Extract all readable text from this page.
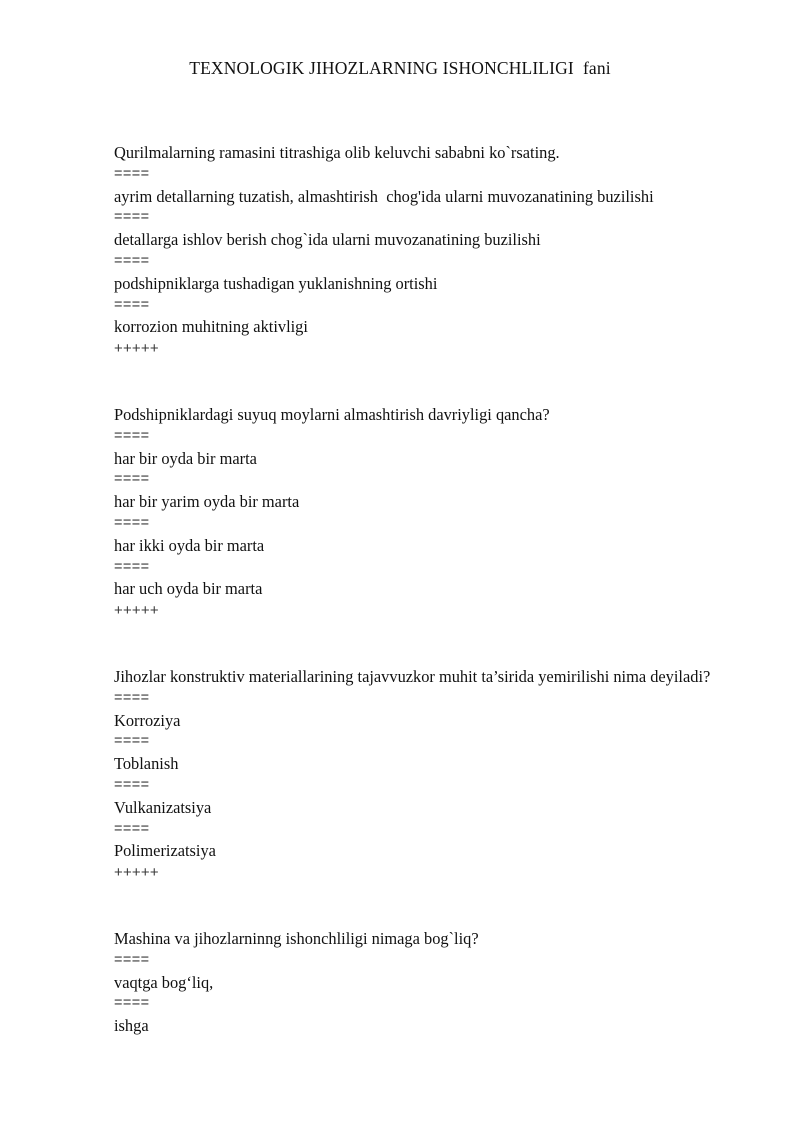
TEXNOLOGIK JIHOZLARNING ISHONCHLILIGI  fani

Qurilmalarning ramasini titrashiga olib keluvchi sababni ko`rsating.

====

ayrim detallarning tuzatish, almashtirish  chog'ida ularni muvozanatining buzilishi

====

detallarga ishlov berish chog`ida ularni muvozanatining buzilishi

====

podshipniklarga tushadigan yuklanishning ortishi

====

korrozion muhitning aktivligi

+++++

Podshipniklardagi suyuq moylarni almashtirish davriyligi qancha?

====

har bir oyda bir marta

====

har bir yarim oyda bir marta

====

har ikki oyda bir marta

====

har uch oyda bir marta

+++++

Jihozlar konstruktiv materiallarining tajavvuzkor muhit ta’sirida yemirilishi nima deyiladi?

====

Korroziya

====

Toblanish

====

Vulkanizatsiya

====

Polimerizatsiya

+++++

Mashina va jihozlarninng ishonchliligi nimaga bog`liq?

====

vaqtga bog‘liq,

====

ishga
